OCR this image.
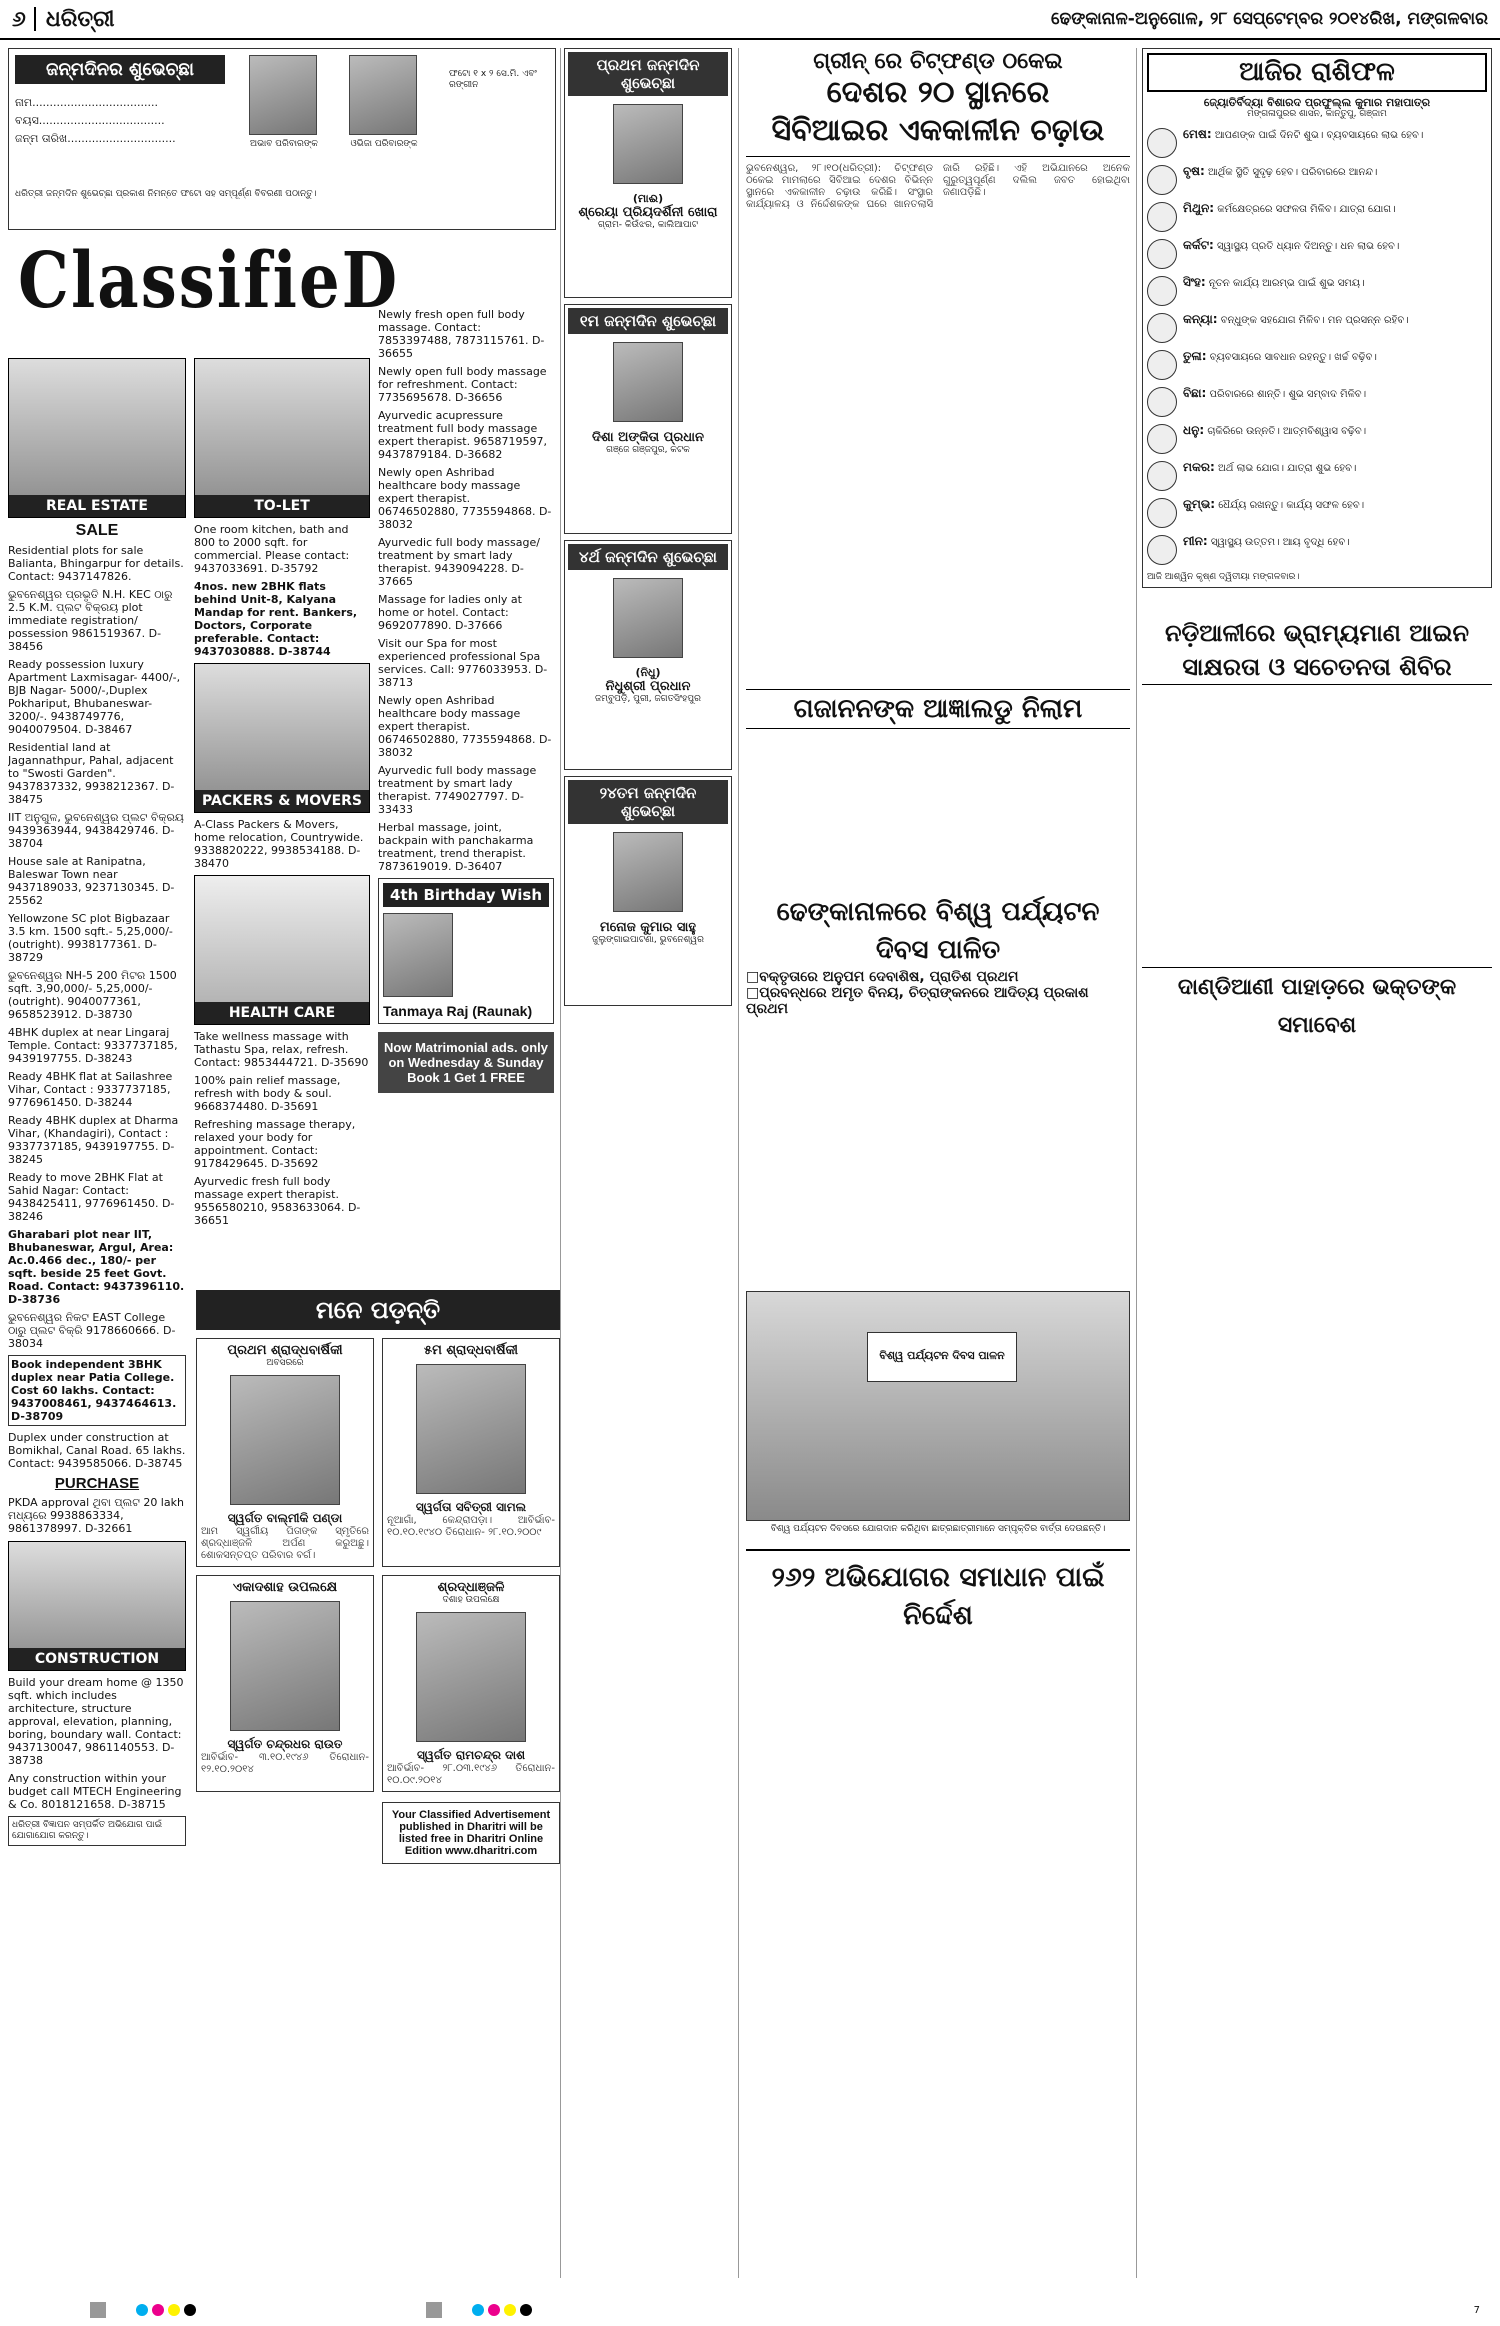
୬ ଧରିତ୍ରୀ	ଢେଙ୍କାନାଳ-ଅନୁଗୋଳ, ୨୮ ସେପ୍ଟେମ୍ବର ୨୦୧୪ରିଖ, ମଙ୍ଗଳବାର
ଜନ୍ମଦିନର ଶୁଭେଚ୍ଛା
ନାମ....................................
ବୟସ....................................
ଜନ୍ମ ତାରିଖ...............................	ଅଭାବ ପରିବାରଙ୍କ	ଓଭିଜା ପରିବାରଙ୍କ
ଫଟୋ ୧ x ୨ ସେ.ମି. ଏବଂ ରଙ୍ଗୀନ
ଧରିତ୍ରୀ ଜନ୍ମଦିନ ଶୁଭେଚ୍ଛା ପ୍ରକାଶ ନିମନ୍ତେ ଫଟୋ ସହ ସମ୍ପୂର୍ଣ୍ଣ ବିବରଣୀ ପଠାନ୍ତୁ।
ClassifieD
REAL ESTATE
SALE
Residential plots for sale Balianta, Bhingarpur for details. Contact: 9437147826.
ଭୁବନେଶ୍ୱର ପ୍ରଭୃତି N.H. KEC ଠାରୁ 2.5 K.M. ପ୍ଲଟ ବିକ୍ରୟ plot immediate registration/ possession 9861519367. D-38456
Ready possession luxury Apartment Laxmisagar- 4400/-, BJB Nagar- 5000/-,Duplex Pokhariput, Bhubaneswar- 3200/-. 9438749776, 9040079504. D-38467
Residential land at Jagannathpur, Pahal, adjacent to "Swosti Garden". 9437837332, 9938212367. D-38475
IIT ଅନୁଗୁଳ, ଭୁବନେଶ୍ୱର ପ୍ଲଟ ବିକ୍ରୟ 9439363944, 9438429746. D-38704
House sale at Ranipatna, Baleswar Town near 9437189033, 9237130345. D-25562
Yellowzone SC plot Bigbazaar 3.5 km. 1500 sqft.- 5,25,000/- (outright). 9938177361. D-38729
ଭୁବନେଶ୍ୱର NH-5 200 ମିଟର 1500 sqft. 3,90,000/- 5,25,000/- (outright). 9040077361, 9658523912. D-38730
4BHK duplex at near Lingaraj Temple. Contact: 9337737185, 9439197755. D-38243
Ready 4BHK flat at Sailashree Vihar, Contact : 9337737185, 9776961450. D-38244
Ready 4BHK duplex at Dharma Vihar, (Khandagiri), Contact : 9337737185, 9439197755. D-38245
Ready to move 2BHK Flat at Sahid Nagar: Contact: 9438425411, 9776961450. D-38246
Gharabari plot near IIT, Bhubaneswar, Argul, Area: Ac.0.466 dec., 180/- per sqft. beside 25 feet Govt. Road. Contact: 9437396110. D-38736
ଭୁବନେଶ୍ୱର ନିକଟ EAST College ଠାରୁ ପ୍ଲଟ ବିକ୍ରି 9178660666. D-38034
Book independent 3BHK duplex near Patia College. Cost 60 lakhs. Contact: 9437008461, 9437464613. D-38709
Duplex under construction at Bomikhal, Canal Road. 65 lakhs. Contact: 9439585066. D-38745
PURCHASE
PKDA approval ଥିବା ପ୍ଲଟ 20 lakh ମଧ୍ୟରେ 9938863334, 9861378997. D-32661
CONSTRUCTION
Build your dream home @ 1350 sqft. which includes architecture, structure approval, elevation, planning, boring, boundary wall. Contact: 9437130047, 9861140553. D-38738
Any construction within your budget call MTECH Engineering & Co. 8018121658. D-38715
ଧରିତ୍ରୀ ବିଜ୍ଞାପନ ସମ୍ପର୍କିତ ଅଭିଯୋଗ ପାଇଁ ଯୋଗାଯୋଗ କରନ୍ତୁ।
TO-LET
One room kitchen, bath and 800 to 2000 sqft. for commercial. Please contact: 9437033691. D-35792
4nos. new 2BHK flats behind Unit-8, Kalyana Mandap for rent. Bankers, Doctors, Corporate preferable. Contact: 9437030888. D-38744
PACKERS & MOVERS
A-Class Packers & Movers, home relocation, Countrywide. 9338820222, 9938534188. D-38470
HEALTH CARE
Take wellness massage with Tathastu Spa, relax, refresh. Contact: 9853444721. D-35690
100% pain relief massage, refresh with body & soul. 9668374480. D-35691
Refreshing massage therapy, relaxed your body for appointment. Contact: 9178429645. D-35692
Ayurvedic fresh full body massage expert therapist. 9556580210, 9583633064. D-36651
Newly fresh open full body massage. Contact: 7853397488, 7873115761. D-36655
Newly open full body massage for refreshment. Contact: 7735695678. D-36656
Ayurvedic acupressure treatment full body massage expert therapist. 9658719597, 9437879184. D-36682
Newly open Ashribad healthcare body massage expert therapist. 06746502880, 7735594868. D-38032
Ayurvedic full body massage/ treatment by smart lady therapist. 9439094228. D-37665
Massage for ladies only at home or hotel. Contact: 9692077890. D-37666
Visit our Spa for most experienced professional Spa services. Call: 9776033953. D-38713
Newly open Ashribad healthcare body massage expert therapist. 06746502880, 7735594868. D-38032
Ayurvedic full body massage treatment by smart lady therapist. 7749027797. D-33433
Herbal massage, joint, backpain with panchakarma treatment, trend therapist. 7873619019. D-36407
4th Birthday Wish
Tanmaya Raj (Raunak)
Now Matrimonial ads. only on Wednesday & Sunday Book 1 Get 1 FREE
ପ୍ରଥମ ଜନ୍ମଦିନ ଶୁଭେଚ୍ଛା
(ମାଈ)
ଶ୍ରେୟା ପ୍ରିୟଦର୍ଶିନୀ ଖୋରା
ଗ୍ରାମ- କିଉଁଝର, କାଲିଆପାଟ
୧ମ ଜନ୍ମଦିନ ଶୁଭେଚ୍ଛା
ଦିଶା ଅଙ୍କିତା ପ୍ରଧାନ
ଗଞ୍ଜେ ଗଞ୍ଜପୁର, କଟକ
୪ର୍ଥ ଜନ୍ମଦିନ ଶୁଭେଚ୍ଛା
(ନିଧୁ)
ନିଧୁଶ୍ରୀ ପ୍ରଧାନ
ଜମ୍ବୁପଡ଼ି, ପୁରୀ, ଜଗତସିଂହପୁର
୨୪ତମ ଜନ୍ମଦିନ ଶୁଭେଚ୍ଛା
ମନୋଜ କୁମାର ସାହୁ
ଜୁଲୁଙ୍ଗାଇପାଟଣା, ଭୁବନେଶ୍ୱର
ମନେ ପଡ଼ନ୍ତି
ପ୍ରଥମ ଶ୍ରାଦ୍ଧବାର୍ଷିକୀ
ଅବସରରେ
ସ୍ୱର୍ଗତ ବାଲ୍ମୀକି ପଣ୍ଡା
ଆମ ସ୍ୱର୍ଗୀୟ ପିତାଙ୍କ ସ୍ମୃତିରେ ଶ୍ରଦ୍ଧାଞ୍ଜଳି ଅର୍ପଣ କରୁଅଛୁ। ଶୋକସନ୍ତପ୍ତ ପରିବାର ବର୍ଗ।
୫ମ ଶ୍ରାଦ୍ଧବାର୍ଷିକୀ
ସ୍ୱର୍ଗତା ସବିତ୍ରୀ ସାମଲ
ନୂଆଗାଁ, କେନ୍ଦ୍ରାପଡ଼ା। ଆବିର୍ଭାବ- ୧୦.୧୦.୧୯୪୦ ତିରୋଧାନ- ୨୮.୧୦.୨୦୦୯
ଏକାଦଶାହ ଉପଲକ୍ଷେ
ସ୍ୱର୍ଗତ ଚନ୍ଦ୍ରଧର ରାଉତ
ଆବିର୍ଭାବ- ୩.୧୦.୧୯୪୬ ତିରୋଧାନ- ୧୨.୧୦.୨୦୧୪
ଶ୍ରଦ୍ଧାଞ୍ଜଳି
ଦଶାହ ଉପଲକ୍ଷେ
ସ୍ୱର୍ଗତ ରାମଚନ୍ଦ୍ର ଦାଶ
ଆବିର୍ଭାବ- ୨୮.୦୩.୧୯୪୬ ତିରୋଧାନ- ୧୦.୦୯.୨୦୧୪
Your Classified Advertisement published in Dharitri will be listed free in Dharitri Online Edition www.dharitri.com
ଗ୍ରୀନ୍ ରେ ଚିଟ୍‌ଫଣ୍ଡ ଠକେଇ
ଦେଶର ୨୦ ସ୍ଥାନରେ
ସିବିଆଇର ଏକକାଳୀନ ଚଢ଼ାଉ
ଭୁବନେଶ୍ୱର, ୨୮।୧୦(ଧରିତ୍ରୀ): ଚିଟ୍‌ଫଣ୍ଡ ଠକେଇ ମାମଲାରେ ସିବିଆଇ ଦେଶର ବିଭିନ୍ନ ସ୍ଥାନରେ ଏକକାଳୀନ ଚଢ଼ାଉ କରିଛି। ସଂସ୍ଥାର କାର୍ଯ୍ୟାଳୟ ଓ ନିର୍ଦ୍ଦେଶକଙ୍କ ଘରେ ଖାନତଲାସି ଜାରି ରହିଛି। ଏହି ଅଭିଯାନରେ ଅନେକ ଗୁରୁତ୍ୱପୂର୍ଣ୍ଣ ଦଲିଲ ଜବତ ହୋଇଥିବା ଜଣାପଡ଼ିଛି।
ଗଜାନନଙ୍କ ଆଜ୍ଞାଲଡୁ ନିଲାମ
ଢେଙ୍କାନାଳରେ ବିଶ୍ୱ ପର୍ଯ୍ୟଟନ ଦିବସ ପାଳିତ
□ବକ୍ତୃତାରେ ଅନୁପମ ଦେବାଶିଷ, ପ୍ରାତିଶ ପ୍ରଥମ
□ପ୍ରବନ୍ଧରେ ଅମୃତ ବିନୟ, ଚିତ୍ରାଙ୍କନରେ ଆଦିତ୍ୟ ପ୍ରକାଶ ପ୍ରଥମ
ବିଶ୍ୱ ପର୍ଯ୍ୟଟନ ଦିବସ ପାଳନ
ବିଶ୍ୱ ପର୍ଯ୍ୟଟନ ଦିବସରେ ଯୋଗଦାନ କରିଥିବା ଛାତ୍ରଛାତ୍ରୀମାନେ ସମ୍ପୃକ୍ତିର ବାର୍ତ୍ତା ଦେଉଛନ୍ତି।
୨୬୨ ଅଭିଯୋଗର ସମାଧାନ ପାଇଁ ନିର୍ଦ୍ଦେଶ
ଆଜିର ରାଶିଫଳ
ଜ୍ୟୋତିର୍ବିଦ୍ୟା ବିଶାରଦ ପ୍ରଫୁଲ୍ଲ କୁମାର ମହାପାତ୍ର
ମଙ୍ଗଳାପୁରର ଶାସନ, କାନ୍ତୁପୁ, ଗଞ୍ଜାମ
ମେଷ: ଆପଣଙ୍କ ପାଇଁ ଦିନଟି ଶୁଭ। ବ୍ୟବସାୟରେ ଲାଭ ହେବ।
ବୃଷ: ଆର୍ଥିକ ସ୍ଥିତି ସୁଦୃଢ଼ ହେବ। ପରିବାରରେ ଆନନ୍ଦ।
ମିଥୁନ: କର୍ମକ୍ଷେତ୍ରରେ ସଫଳତା ମିଳିବ। ଯାତ୍ରା ଯୋଗ।
କର୍କଟ: ସ୍ୱାସ୍ଥ୍ୟ ପ୍ରତି ଧ୍ୟାନ ଦିଅନ୍ତୁ। ଧନ ଲାଭ ହେବ।
ସିଂହ: ନୂତନ କାର୍ଯ୍ୟ ଆରମ୍ଭ ପାଇଁ ଶୁଭ ସମୟ।
କନ୍ୟା: ବନ୍ଧୁଙ୍କ ସହଯୋଗ ମିଳିବ। ମନ ପ୍ରସନ୍ନ ରହିବ।
ତୁଳା: ବ୍ୟବସାୟରେ ସାବଧାନ ରହନ୍ତୁ। ଖର୍ଚ୍ଚ ବଢ଼ିବ।
ବିଛା: ପରିବାରରେ ଶାନ୍ତି। ଶୁଭ ସମ୍ବାଦ ମିଳିବ।
ଧନୁ: ଚାକିରିରେ ଉନ୍ନତି। ଆତ୍ମବିଶ୍ୱାସ ବଢ଼ିବ।
ମକର: ଅର୍ଥ ଲାଭ ଯୋଗ। ଯାତ୍ରା ଶୁଭ ହେବ।
କୁମ୍ଭ: ଧୈର୍ଯ୍ୟ ରଖନ୍ତୁ। କାର୍ଯ୍ୟ ସଫଳ ହେବ।
ମୀନ: ସ୍ୱାସ୍ଥ୍ୟ ଉତ୍ତମ। ଆୟ ବୃଦ୍ଧି ହେବ।
ଆଜି ଆଶ୍ୱିନ କୃଷ୍ଣ ଦ୍ୱିତୀୟା ମଙ୍ଗଳବାର।
ନଡ଼ିଆଳୀରେ ଭ୍ରାମ୍ୟମାଣ ଆଇନ
ସାକ୍ଷରତା ଓ ସଚେତନତା ଶିବିର
ଦାଣ୍ଡିଆଣୀ ପାହାଡ଼ରେ ଭକ୍ତଙ୍କ ସମାବେଶ
7
